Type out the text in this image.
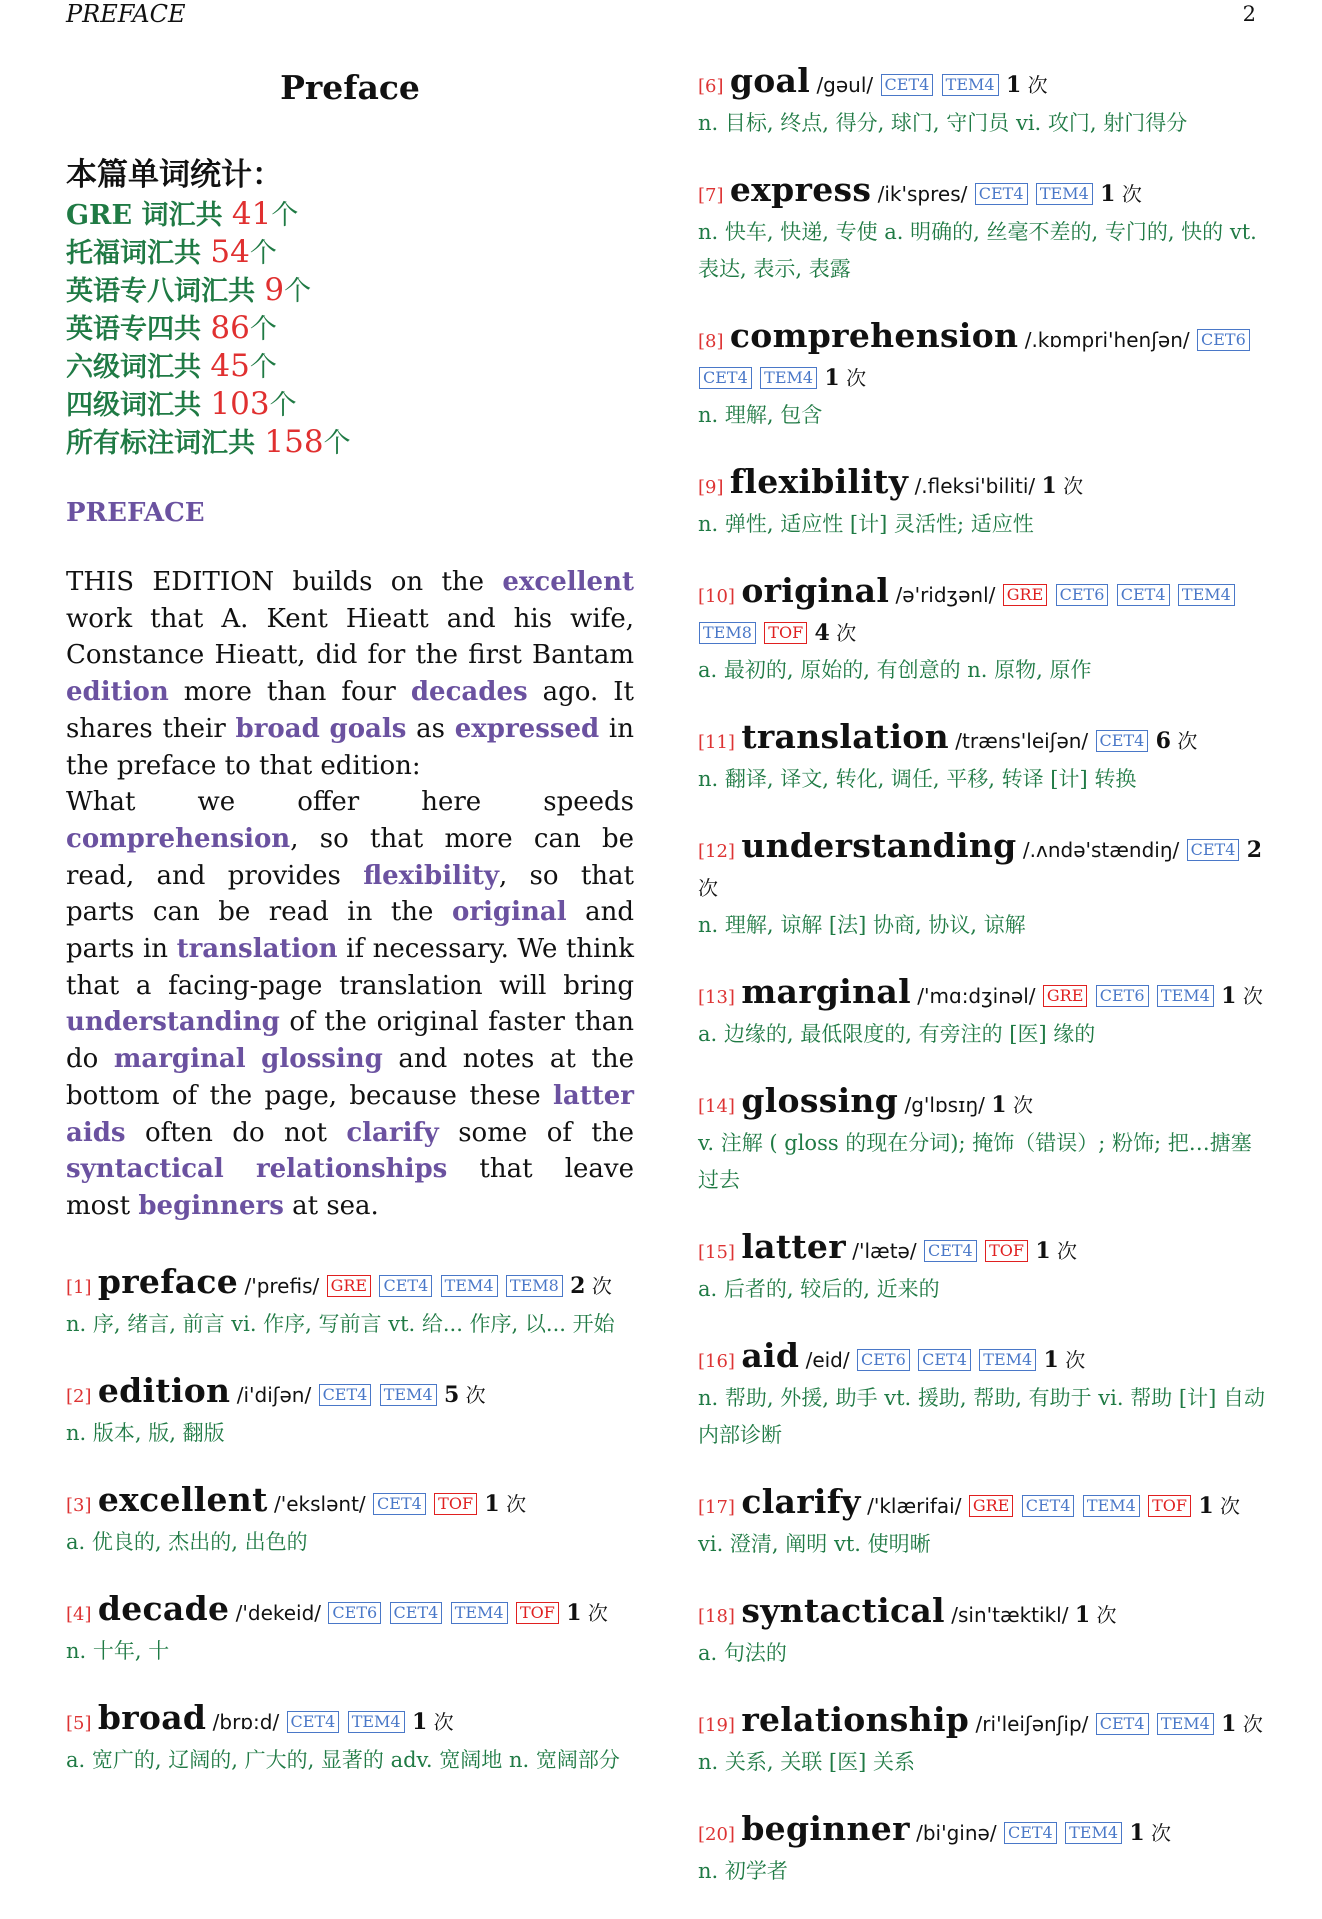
PREFACE	2
Preface
本篇单词统计：
GRE 词汇共 41个
托福词汇共 54个
英语专八词汇共 9个
英语专四共 86个
六级词汇共 45个
四级词汇共 103个
所有标注词汇共 158个
PREFACE

THIS EDITION builds on the excellent work that A. Kent Hieatt and his wife, Constance Hieatt, did for the first Bantam edition more than four decades ago. It shares their broad goals as expressed in the preface to that edition:

What we offer here speeds comprehension, so that more can be read, and provides flexibility, so that parts can be read in the original and parts in translation if necessary. We think that a facing-page translation will bring understanding of the original faster than do marginal glossing and notes at the bottom of the page, because these latter aids often do not clarify some of the syntactical relationships that leave most beginners at sea.

[1] preface /'prefis/ GRE CET4 TEM4 TEM8 2 次
n. 序, 绪言, 前言 vi. 作序, 写前言 vt. 给... 作序, 以... 开始
[2] edition /i'diʃən/ CET4 TEM4 5 次
n. 版本, 版, 翻版
[3] excellent /'ekslənt/ CET4 TOF 1 次
a. 优良的, 杰出的, 出色的
[4] decade /'dekeid/ CET6 CET4 TEM4 TOF 1 次
n. 十年, 十
[5] broad /brɒ:d/ CET4 TEM4 1 次
a. 宽广的, 辽阔的, 广大的, 显著的 adv. 宽阔地 n. 宽阔部分
[6] goal /gəul/ CET4 TEM4 1 次
n. 目标, 终点, 得分, 球门, 守门员 vi. 攻门, 射门得分
[7] express /ik'spres/ CET4 TEM4 1 次
n. 快车, 快递, 专使 a. 明确的, 丝毫不差的, 专门的, 快的 vt. 表达, 表示, 表露
[8] comprehension /.kɒmpri'henʃən/ CET6 CET4 TEM4 1 次
n. 理解, 包含
[9] flexibility /.fleksi'biliti/ 1 次
n. 弹性, 适应性 [计] 灵活性; 适应性
[10] original /ə'ridʒənl/ GRE CET6 CET4 TEM4 TEM8 TOF 4 次
a. 最初的, 原始的, 有创意的 n. 原物, 原作
[11] translation /træns'leiʃən/ CET4 6 次
n. 翻译, 译文, 转化, 调任, 平移, 转译 [计] 转换
[12] understanding /.ʌndə'stændiŋ/ CET4 2 次
n. 理解, 谅解 [法] 协商, 协议, 谅解
[13] marginal /'mɑ:dʒinəl/ GRE CET6 TEM4 1 次
a. 边缘的, 最低限度的, 有旁注的 [医] 缘的
[14] glossing /g'lɒsɪŋ/ 1 次
v. 注解 ( gloss 的现在分词); 掩饰（错误）; 粉饰; 把…搪塞过去
[15] latter /'lætə/ CET4 TOF 1 次
a. 后者的, 较后的, 近来的
[16] aid /eid/ CET6 CET4 TEM4 1 次
n. 帮助, 外援, 助手 vt. 援助, 帮助, 有助于 vi. 帮助 [计] 自动内部诊断
[17] clarify /'klærifai/ GRE CET4 TEM4 TOF 1 次
vi. 澄清, 阐明 vt. 使明晰
[18] syntactical /sin'tæktikl/ 1 次
a. 句法的
[19] relationship /ri'leiʃənʃip/ CET4 TEM4 1 次
n. 关系, 关联 [医] 关系
[20] beginner /bi'ginə/ CET4 TEM4 1 次
n. 初学者
